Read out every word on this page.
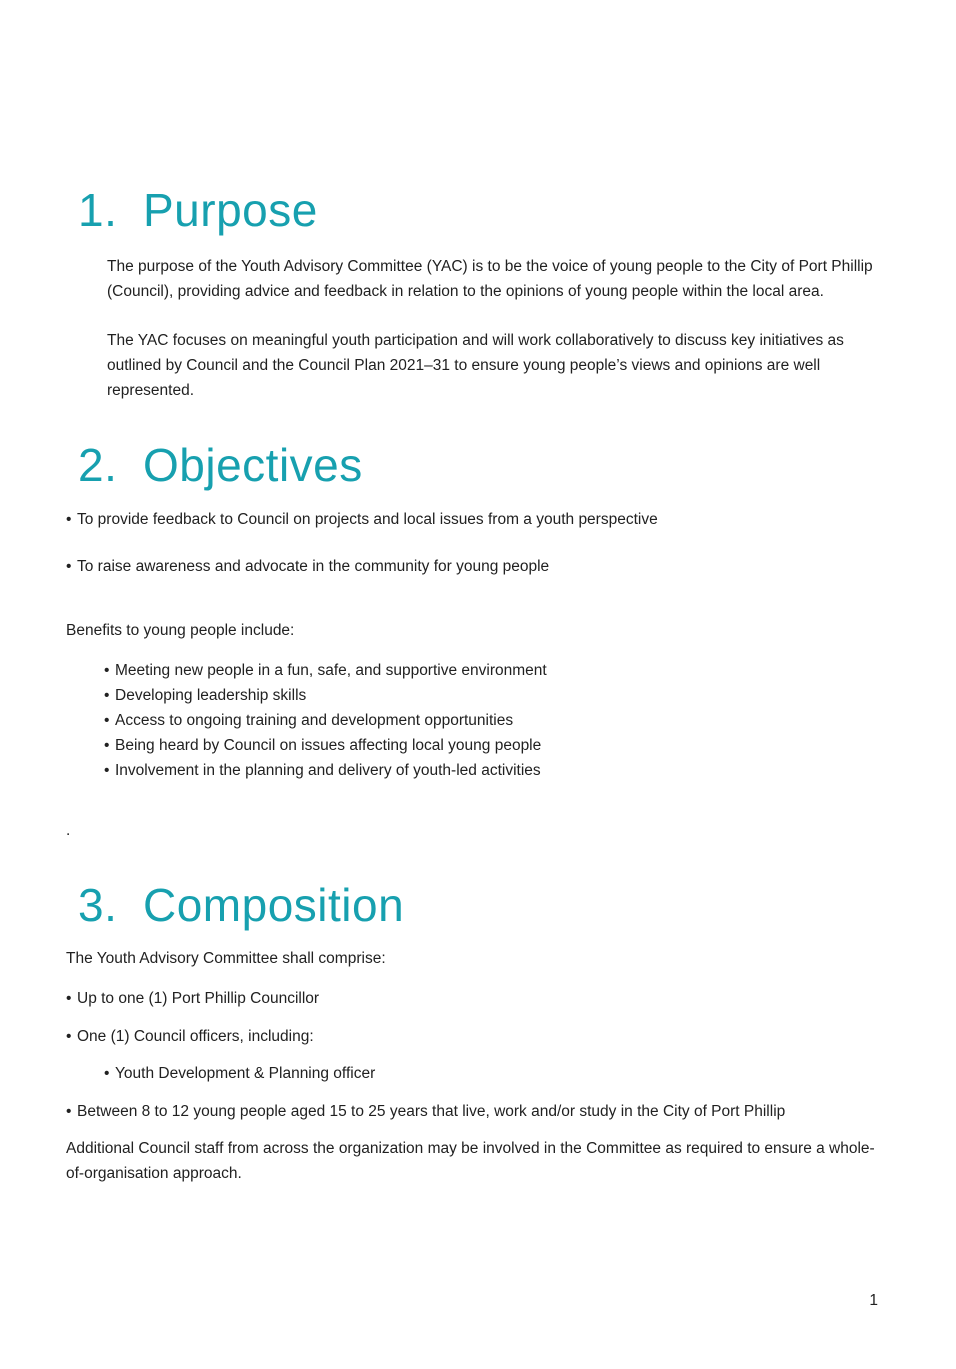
1. Purpose

The purpose of the Youth Advisory Committee (YAC) is to be the voice of young people to the City of Port Phillip (Council), providing advice and feedback in relation to the opinions of young people within the local area.

The YAC focuses on meaningful youth participation and will work collaboratively to discuss key initiatives as outlined by Council and the Council Plan 2021–31 to ensure young people’s views and opinions are well represented.

2. Objectives
• To provide feedback to Council on projects and local issues from a youth perspective
• To raise awareness and advocate in the community for young people

Benefits to young people include:

• Meeting new people in a fun, safe, and supportive environment
• Developing leadership skills
• Access to ongoing training and development opportunities
• Being heard by Council on issues affecting local young people
• Involvement in the planning and delivery of youth-led activities

.

3. Composition

The Youth Advisory Committee shall comprise:

• Up to one (1) Port Phillip Councillor
• One (1) Council officers, including:
• Youth Development & Planning officer
• Between 8 to 12 young people aged 15 to 25 years that live, work and/or study in the City of Port Phillip

Additional Council staff from across the organization may be involved in the Committee as required to ensure a whole-of-organisation approach.

1
